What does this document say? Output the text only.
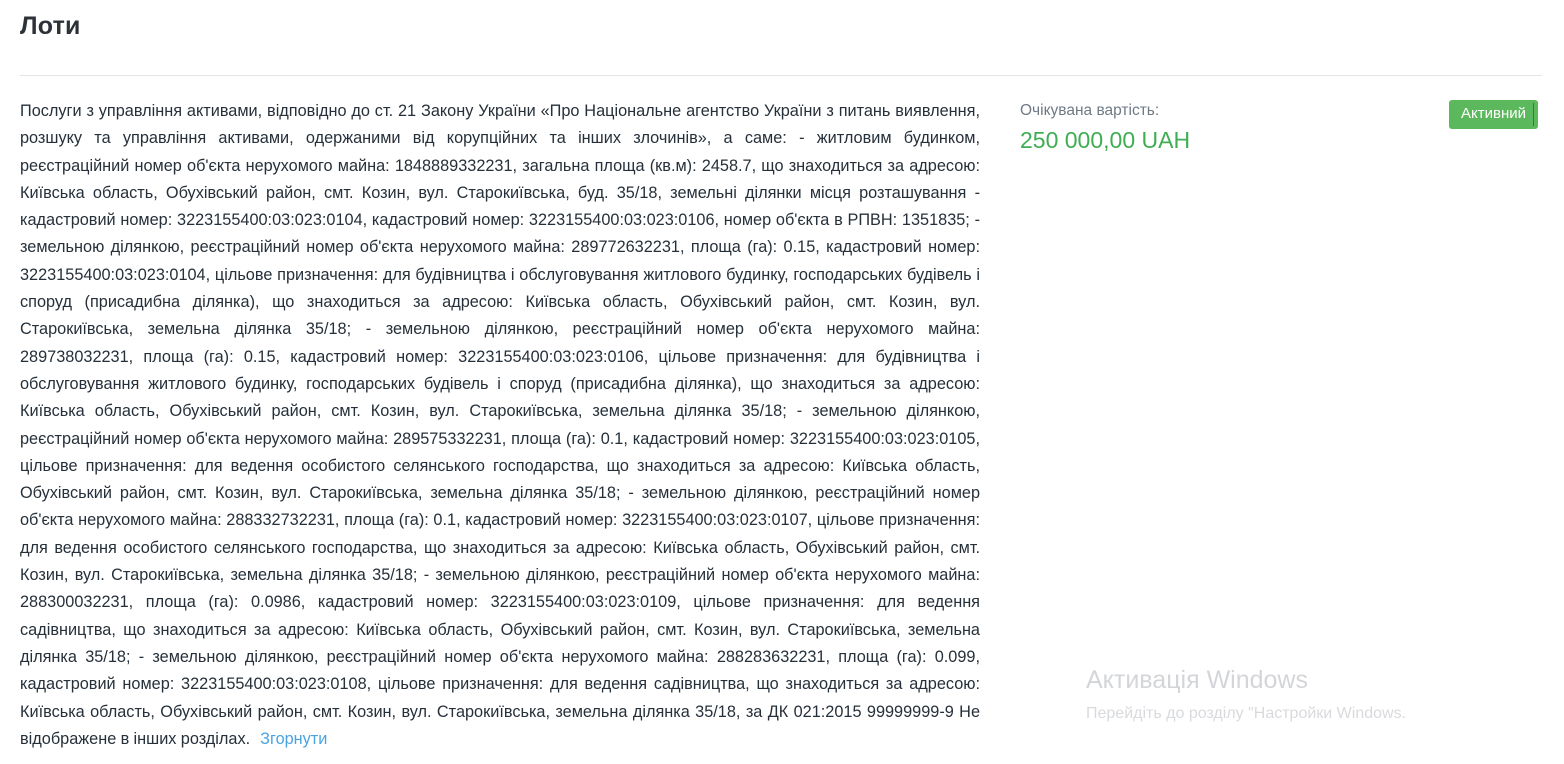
Лоти
Послуги з управління активами, відповідно до ст. 21 Закону України «Про Національне агентство України з питань виявлення, розшуку та управління активами, одержаними від корупційних та інших злочинів», а саме: - житловим будинком, реєстраційний номер об'єкта нерухомого майна: 1848889332231, загальна площа (кв.м): 2458.7, що знаходиться за адресою: Київська область, Обухівський район, смт. Козин, вул. Старокиївська, буд. 35/18, земельні ділянки місця розташування - кадастровий номер: 3223155400:03:023:0104, кадастровий номер: 3223155400:03:023:0106, номер об'єкта в РПВН: 1351835; - земельною ділянкою, реєстраційний номер об'єкта нерухомого майна: 289772632231, площа (га): 0.15, кадастровий номер: 3223155400:03:023:0104, цільове призначення: для будівництва і обслуговування житлового будинку, господарських будівель і споруд (присадибна ділянка), що знаходиться за адресою: Київська область, Обухівський район, смт. Козин, вул. Старокиївська, земельна ділянка 35/18; - земельною ділянкою, реєстраційний номер об'єкта нерухомого майна: 289738032231, площа (га): 0.15, кадастровий номер: 3223155400:03:023:0106, цільове призначення: для будівництва і обслуговування житлового будинку, господарських будівель і споруд (присадибна ділянка), що знаходиться за адресою: Київська область, Обухівський район, смт. Козин, вул. Старокиївська, земельна ділянка 35/18; - земельною ділянкою, реєстраційний номер об'єкта нерухомого майна: 289575332231, площа (га): 0.1, кадастровий номер: 3223155400:03:023:0105, цільове призначення: для ведення особистого селянського господарства, що знаходиться за адресою: Київська область, Обухівський район, смт. Козин, вул. Старокиївська, земельна ділянка 35/18; - земельною ділянкою, реєстраційний номер об'єкта нерухомого майна: 288332732231, площа (га): 0.1, кадастровий номер: 3223155400:03:023:0107, цільове призначення: для ведення особистого селянського господарства, що знаходиться за адресою: Київська область, Обухівський район, смт. Козин, вул. Старокиївська, земельна ділянка 35/18; - земельною ділянкою, реєстраційний номер об'єкта нерухомого майна: 288300032231, площа (га): 0.0986, кадастровий номер: 3223155400:03:023:0109, цільове призначення: для ведення садівництва, що знаходиться за адресою: Київська область, Обухівський район, смт. Козин, вул. Старокиївська, земельна ділянка 35/18; - земельною ділянкою, реєстраційний номер об'єкта нерухомого майна: 288283632231, площа (га): 0.099, кадастровий номер: 3223155400:03:023:0108, цільове призначення: для ведення садівництва, що знаходиться за адресою: Київська область, Обухівський район, смт. Козин, вул. Старокиївська, земельна ділянка 35/18, за ДК 021:2015 99999999-9 Не відображене в інших розділах. Згорнути
Очікувана вартість:
250 000,00 UAH
Активний
Активація Windows
Перейдіть до розділу "Настройки Windows.
